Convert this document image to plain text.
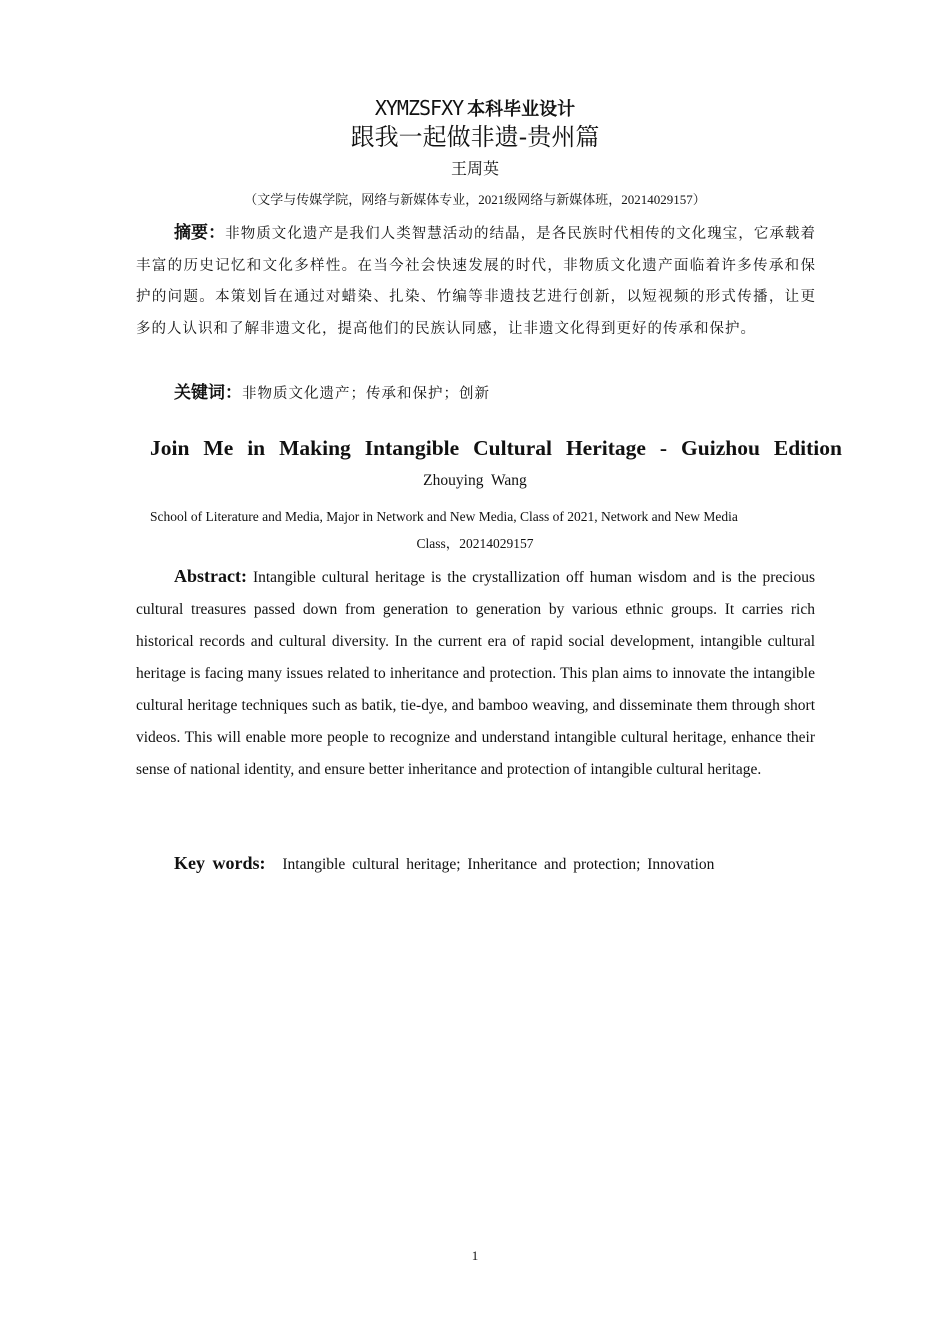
XYMZSFXY 本科毕业设计
跟我一起做非遗-贵州篇
王周英
（文学与传媒学院，网络与新媒体专业，2021级网络与新媒体班，20214029157）
摘要：非物质文化遗产是我们人类智慧活动的结晶，是各民族时代相传的文化瑰宝，它承载着丰富的历史记忆和文化多样性。在当今社会快速发展的时代，非物质文化遗产面临着许多传承和保护的问题。本策划旨在通过对蜡染、扎染、竹编等非遗技艺进行创新，以短视频的形式传播，让更多的人认识和了解非遗文化，提高他们的民族认同感，让非遗文化得到更好的传承和保护。
关键词：非物质文化遗产；传承和保护；创新
Join Me in Making Intangible Cultural Heritage - Guizhou Edition
Zhouying Wang
School of Literature and Media, Major in Network and New Media, Class of 2021, Network and New Media
Class，20214029157
Abstract: Intangible cultural heritage is the crystallization off human wisdom and is the precious cultural treasures passed down from generation to generation by various ethnic groups. It carries rich historical records and cultural diversity. In the current era of rapid social development, intangible cultural heritage is facing many issues related to inheritance and protection. This plan aims to innovate the intangible cultural heritage techniques such as batik, tie-dye, and bamboo weaving, and disseminate them through short videos. This will enable more people to recognize and understand intangible cultural heritage, enhance their sense of national identity, and ensure better inheritance and protection of intangible cultural heritage.
Key words: Intangible cultural heritage; Inheritance and protection; Innovation
1
